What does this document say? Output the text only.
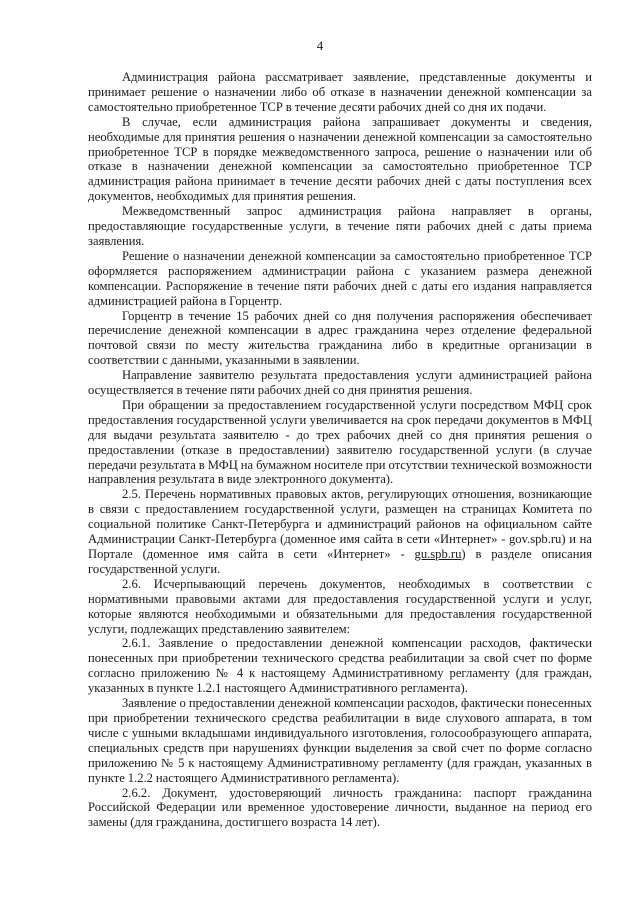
4

Администрация района рассматривает заявление, представленные документы и принимает решение о назначении либо об отказе в назначении денежной компенсации за самостоятельно приобретенное ТСР в течение десяти рабочих дней со дня их подачи.

В случае, если администрация района запрашивает документы и сведения, необходимые для принятия решения о назначении денежной компенсации за самостоятельно приобретенное ТСР в порядке межведомственного запроса, решение о назначении или об отказе в назначении денежной компенсации за самостоятельно приобретенное ТСР администрация района принимает в течение десяти рабочих дней с даты поступления всех документов, необходимых для принятия решения.

Межведомственный запрос администрация района направляет в органы, предоставляющие государственные услуги, в течение пяти рабочих дней с даты приема заявления.

Решение о назначении денежной компенсации за самостоятельно приобретенное ТСР оформляется распоряжением администрации района с указанием размера денежной компенсации. Распоряжение в течение пяти рабочих дней с даты его издания направляется администрацией района в Горцентр.

Горцентр в течение 15 рабочих дней со дня получения распоряжения обеспечивает перечисление денежной компенсации в адрес гражданина через отделение федеральной почтовой связи по месту жительства гражданина либо в кредитные организации в соответствии с данными, указанными в заявлении.

Направление заявителю результата предоставления услуги администрацией района осуществляется в течение пяти рабочих дней со дня принятия решения.

При обращении за предоставлением государственной услуги посредством МФЦ срок предоставления государственной услуги увеличивается на срок передачи документов в МФЦ для выдачи результата заявителю - до трех рабочих дней со дня принятия решения о предоставлении (отказе в предоставлении) заявителю государственной услуги (в случае передачи результата в МФЦ на бумажном носителе при отсутствии технической возможности направления результата в виде электронного документа).

2.5. Перечень нормативных правовых актов, регулирующих отношения, возникающие в связи с предоставлением государственной услуги, размещен на страницах Комитета по социальной политике Санкт-Петербурга и администраций районов на официальном сайте Администрации Санкт-Петербурга (доменное имя сайта в сети «Интернет» - gov.spb.ru) и на Портале (доменное имя сайта в сети «Интернет» - gu.spb.ru) в разделе описания государственной услуги.

2.6. Исчерпывающий перечень документов, необходимых в соответствии с нормативными правовыми актами для предоставления государственной услуги и услуг, которые являются необходимыми и обязательными для предоставления государственной услуги, подлежащих представлению заявителем:

2.6.1. Заявление о предоставлении денежной компенсации расходов, фактически понесенных при приобретении технического средства реабилитации за свой счет по форме согласно приложению № 4 к настоящему Административному регламенту (для граждан, указанных в пункте 1.2.1 настоящего Административного регламента).

Заявление о предоставлении денежной компенсации расходов, фактически понесенных при приобретении технического средства реабилитации в виде слухового аппарата, в том числе с ушными вкладышами индивидуального изготовления, голосообразующего аппарата, специальных средств при нарушениях функции выделения за свой счет по форме согласно приложению № 5 к настоящему Административному регламенту (для граждан, указанных в пункте 1.2.2 настоящего Административного регламента).

2.6.2. Документ, удостоверяющий личность гражданина: паспорт гражданина Российской Федерации или временное удостоверение личности, выданное на период его замены (для гражданина, достигшего возраста 14 лет).
